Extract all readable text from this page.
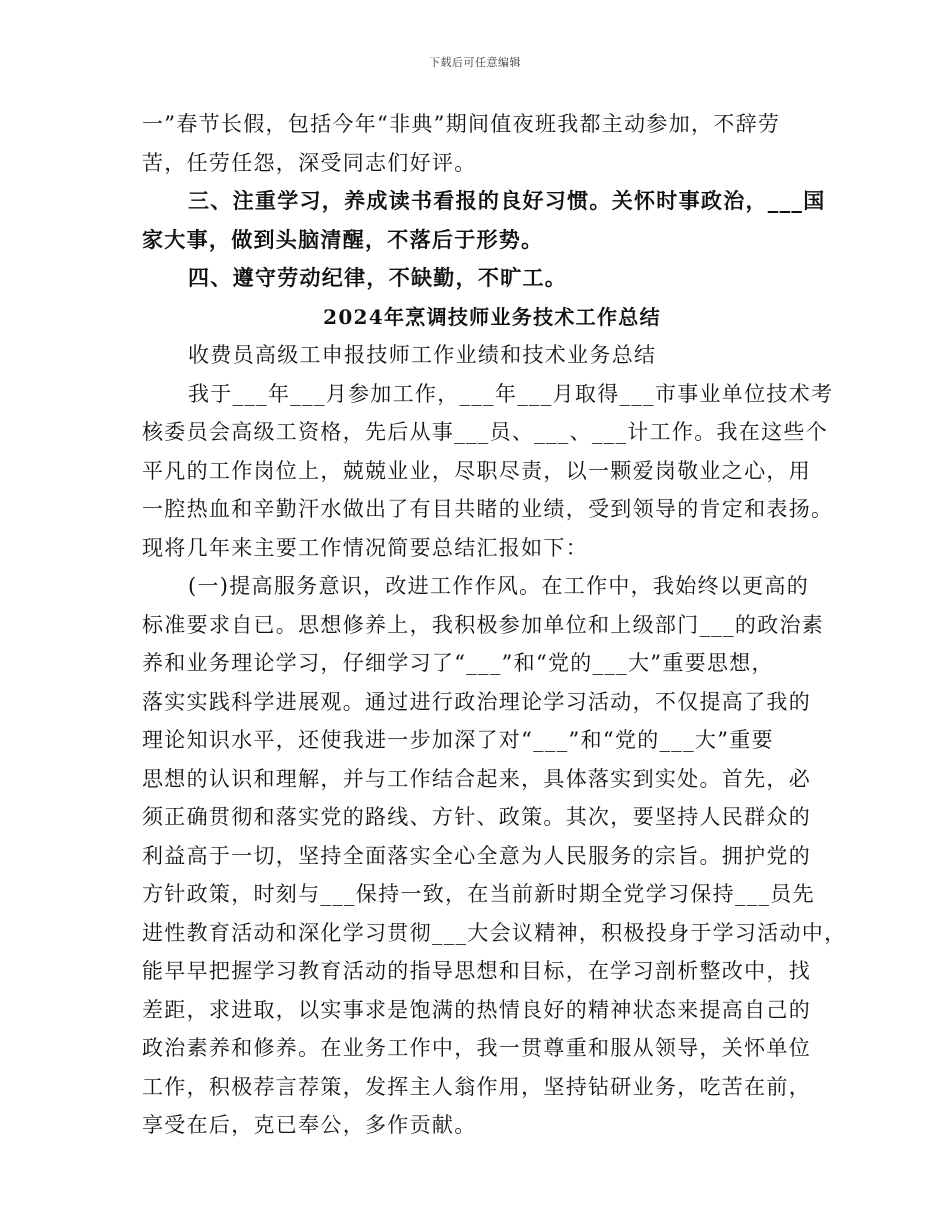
下载后可任意编辑
一”春节长假，包括今年“非典”期间值夜班我都主动参加，不辞劳
苦，任劳任怨，深受同志们好评。
三、注重学习，养成读书看报的良好习惯。关怀时事政治，___国
家大事，做到头脑清醒，不落后于形势。
四、遵守劳动纪律，不缺勤，不旷工。
2024年烹调技师业务技术工作总结
收费员高级工申报技师工作业绩和技术业务总结
我于___年___月参加工作，___年___月取得___市事业单位技术考
核委员会高级工资格，先后从事___员、___、___计工作。我在这些个
平凡的工作岗位上，兢兢业业，尽职尽责，以一颗爱岗敬业之心，用
一腔热血和辛勤汗水做出了有目共睹的业绩，受到领导的肯定和表扬。
现将几年来主要工作情况简要总结汇报如下：
(一)提高服务意识，改进工作作风。在工作中，我始终以更高的
标准要求自已。思想修养上，我积极参加单位和上级部门___的政治素
养和业务理论学习，仔细学习了“___”和“党的___大”重要思想，
落实实践科学进展观。通过进行政治理论学习活动，不仅提高了我的
理论知识水平，还使我进一步加深了对“___”和“党的___大”重要
思想的认识和理解，并与工作结合起来，具体落实到实处。首先，必
须正确贯彻和落实党的路线、方针、政策。其次，要坚持人民群众的
利益高于一切，坚持全面落实全心全意为人民服务的宗旨。拥护党的
方针政策，时刻与___保持一致，在当前新时期全党学习保持___员先
进性教育活动和深化学习贯彻___大会议精神，积极投身于学习活动中，
能早早把握学习教育活动的指导思想和目标，在学习剖析整改中，找
差距，求进取，以实事求是饱满的热情良好的精神状态来提高自己的
政治素养和修养。在业务工作中，我一贯尊重和服从领导，关怀单位
工作，积极荐言荐策，发挥主人翁作用，坚持钻研业务，吃苦在前，
享受在后，克已奉公，多作贡献。
